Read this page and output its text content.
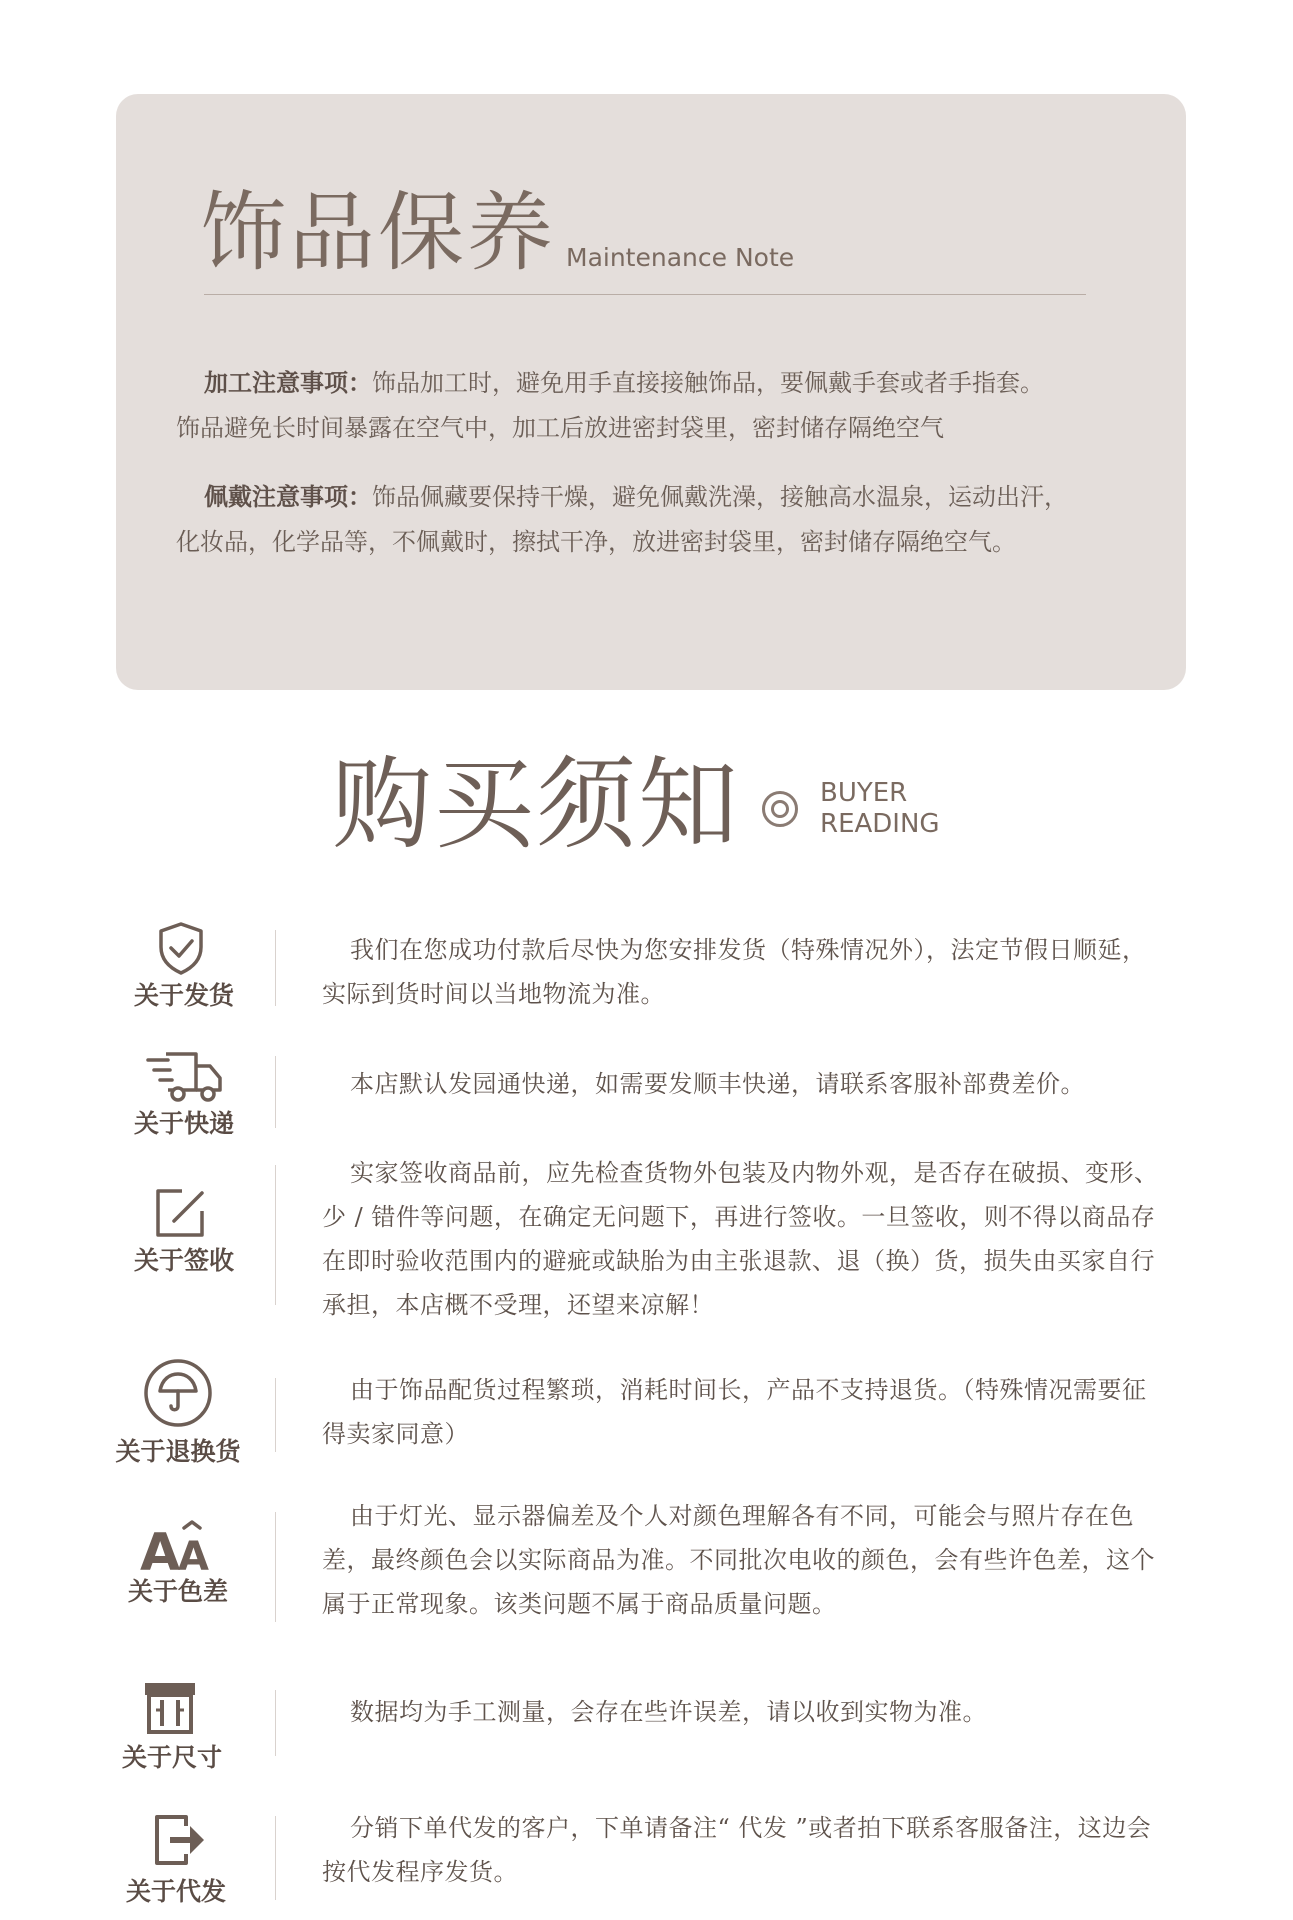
饰品保养 Maintenance Note
加工注意事项：饰品加工时，避免用手直接接触饰品，要佩戴手套或者手指套。
饰品避免长时间暴露在空气中，加工后放进密封袋里，密封储存隔绝空气
佩戴注意事项：饰品佩藏要保持干燥，避免佩戴洗澡，接触高水温泉，运动出汗，
化妆品，化学品等，不佩戴时，擦拭干净，放进密封袋里，密封储存隔绝空气。
购买须知	BUYER
READING
关于发货
我们在您成功付款后尽快为您安排发货（特殊情况外），法定节假日顺延，实际到货时间以当地物流为准。
关于快递
本店默认发园通快递，如需要发顺丰快递，请联系客服补部费差价。
关于签收
实家签收商品前，应先检查货物外包装及内物外观，是否存在破损、变形、少 / 错件等问题，在确定无问题下，再进行签收。一旦签收，则不得以商品存在即时验收范围内的避疵或缺胎为由主张退款、退（换）货，损失由买家自行承担，本店概不受理，还望来凉解！
关于退换货
由于饰品配货过程繁琐，消耗时间长，产品不支持退货。（特殊情况需要征得卖家同意）
A
A
关于色差
由于灯光、显示器偏差及个人对颜色理解各有不同，可能会与照片存在色差，最终颜色会以实际商品为准。不同批次电收的颜色，会有些许色差，这个属于正常现象。该类问题不属于商品质量问题。
关于尺寸
数据均为手工测量，会存在些许误差，请以收到实物为准。
关于代发
分销下单代发的客户，下单请备注“ 代发 ”或者拍下联系客服备注，这边会按代发程序发货。
